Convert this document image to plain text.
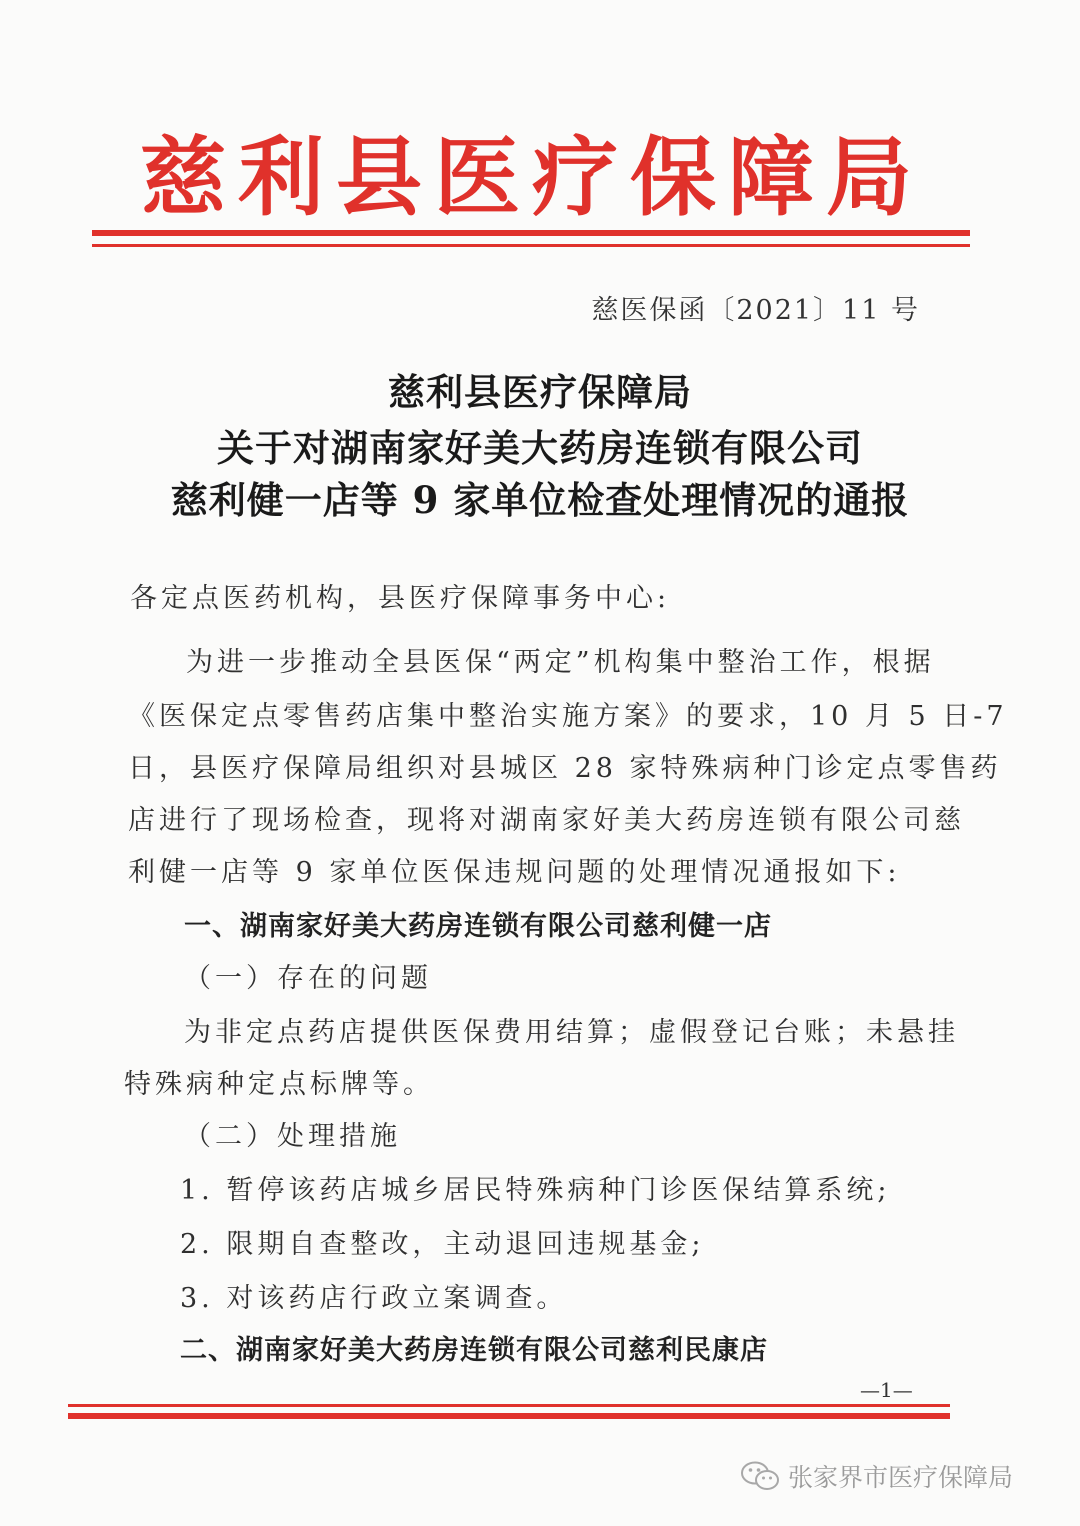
慈利县医疗保障局
慈医保函〔2021〕11 号
慈利县医疗保障局
关于对湖南家好美大药房连锁有限公司
慈利健一店等 9 家单位检查处理情况的通报
各定点医药机构，县医疗保障事务中心:
为进一步推动全县医保“两定”机构集中整治工作，根据
《医保定点零售药店集中整治实施方案》的要求，10 月 5 日-7
日，县医疗保障局组织对县城区 28 家特殊病种门诊定点零售药
店进行了现场检查，现将对湖南家好美大药房连锁有限公司慈
利健一店等 9 家单位医保违规问题的处理情况通报如下:
一、湖南家好美大药房连锁有限公司慈利健一店
（一）存在的问题
为非定点药店提供医保费用结算；虚假登记台账；未悬挂
特殊病种定点标牌等。
（二）处理措施
1. 暂停该药店城乡居民特殊病种门诊医保结算系统;
2. 限期自查整改，主动退回违规基金;
3. 对该药店行政立案调查。
二、湖南家好美大药房连锁有限公司慈利民康店
—1—
张家界市医疗保障局
